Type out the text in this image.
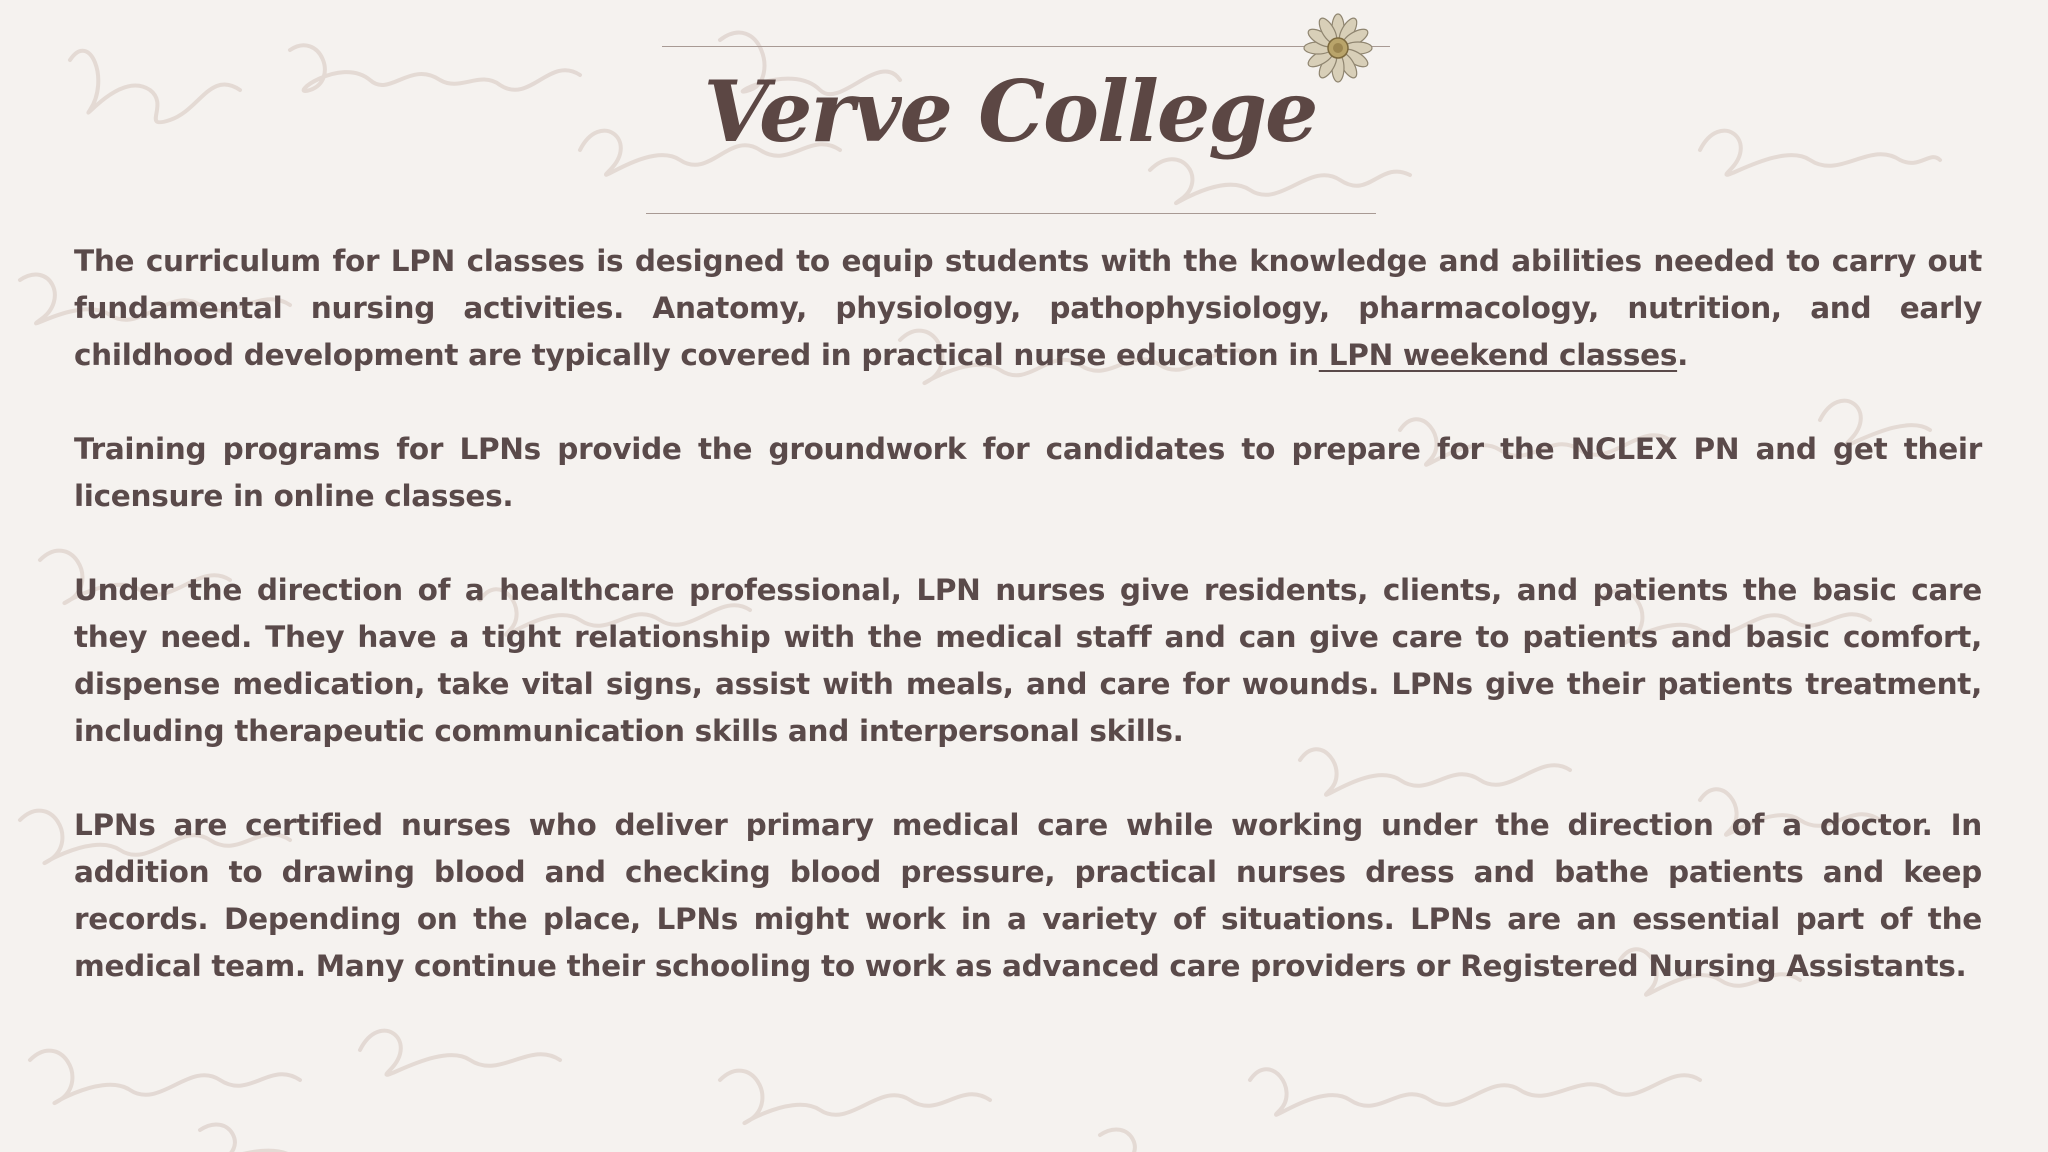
Verve College

The curriculum for LPN classes is designed to equip students with the knowledge and abilities needed to carry out fundamental nursing activities. Anatomy, physiology, pathophysiology, pharmacology, nutrition, and early childhood development are typically covered in practical nurse education in LPN weekend classes.

Training programs for LPNs provide the groundwork for candidates to prepare for the NCLEX PN and get their licensure in online classes.

Under the direction of a healthcare professional, LPN nurses give residents, clients, and patients the basic care they need. They have a tight relationship with the medical staff and can give care to patients and basic comfort, dispense medication, take vital signs, assist with meals, and care for wounds. LPNs give their patients treatment, including therapeutic communication skills and interpersonal skills.

LPNs are certified nurses who deliver primary medical care while working under the direction of a doctor. In addition to drawing blood and checking blood pressure, practical nurses dress and bathe patients and keep records. Depending on the place, LPNs might work in a variety of situations. LPNs are an essential part of the medical team. Many continue their schooling to work as advanced care providers or Registered Nursing Assistants.
